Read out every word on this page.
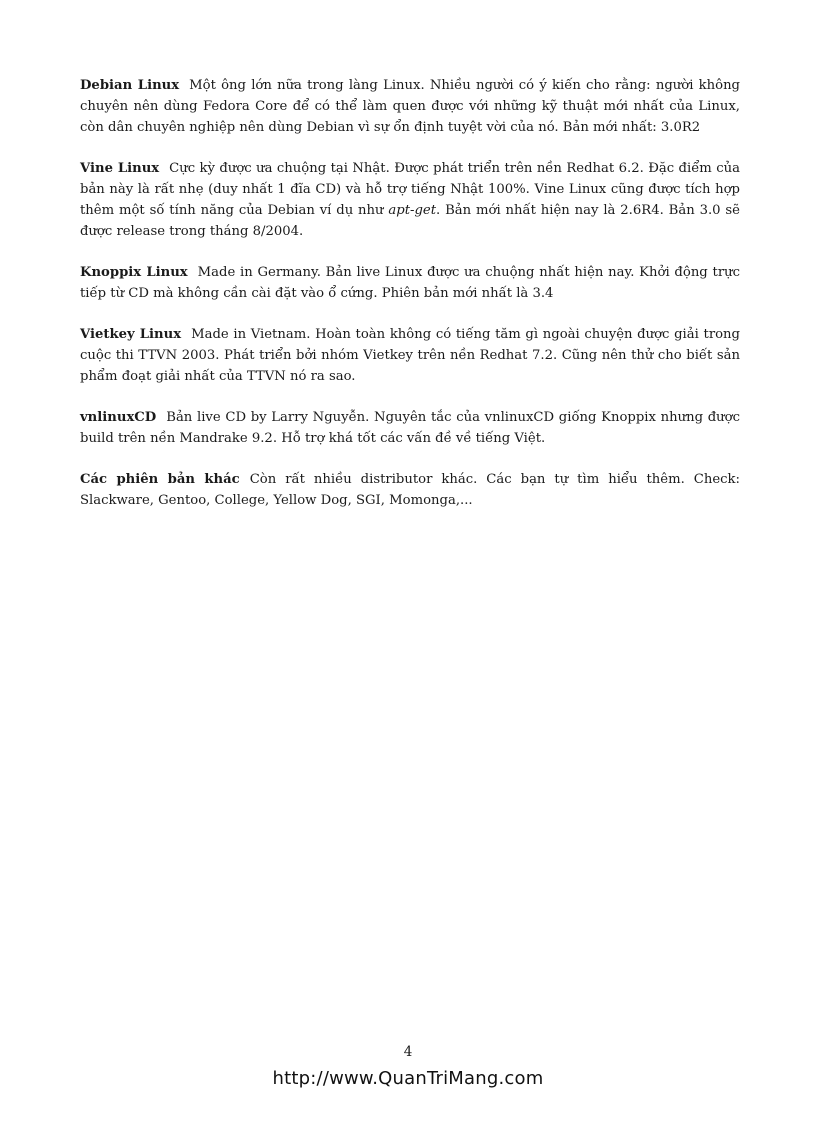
Debian Linux Một ông lớn nữa trong làng Linux. Nhiều người có ý kiến cho rằng: người không chuyên nên dùng Fedora Core để có thể làm quen được với những kỹ thuật mới nhất của Linux, còn dân chuyên nghiệp nên dùng Debian vì sự ổn định tuyệt vời của nó. Bản mới nhất: 3.0R2

Vine Linux Cực kỳ được ưa chuộng tại Nhật. Được phát triển trên nền Redhat 6.2. Đặc điểm của bản này là rất nhẹ (duy nhất 1 đĩa CD) và hỗ trợ tiếng Nhật 100%. Vine Linux cũng được tích hợp thêm một số tính năng của Debian ví dụ như apt-get. Bản mới nhất hiện nay là 2.6R4. Bản 3.0 sẽ được release trong tháng 8/2004.

Knoppix Linux Made in Germany. Bản live Linux được ưa chuộng nhất hiện nay. Khởi động trực tiếp từ CD mà không cần cài đặt vào ổ cứng. Phiên bản mới nhất là 3.4

Vietkey Linux Made in Vietnam. Hoàn toàn không có tiếng tăm gì ngoài chuyện được giải trong cuộc thi TTVN 2003. Phát triển bởi nhóm Vietkey trên nền Redhat 7.2. Cũng nên thử cho biết sản phẩm đoạt giải nhất của TTVN nó ra sao.

vnlinuxCD Bản live CD by Larry Nguyễn. Nguyên tắc của vnlinuxCD giống Knoppix nhưng được build trên nền Mandrake 9.2. Hỗ trợ khá tốt các vấn đề về tiếng Việt.

Các phiên bản khác Còn rất nhiều distributor khác. Các bạn tự tìm hiểu thêm. Check: Slackware, Gentoo, College, Yellow Dog, SGI, Momonga,...

4
http://www.QuanTriMang.com
